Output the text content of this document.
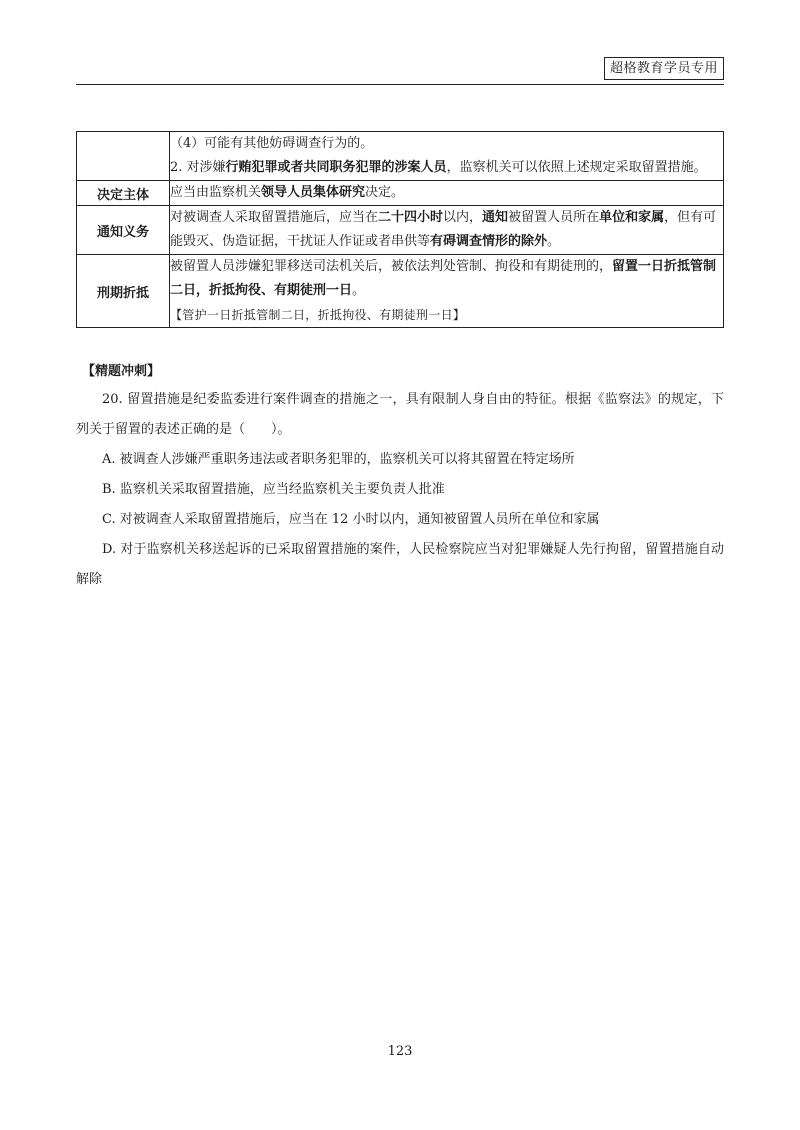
超格教育学员专用

	（4）可能有其他妨碍调查行为的。
2. 对涉嫌行贿犯罪或者共同职务犯罪的涉案人员，监察机关可以依照上述规定采取留置措施。

决定主体	应当由监察机关领导人员集体研究决定。
通知义务	对被调查人采取留置措施后，应当在二十四小时以内，通知被留置人员所在单位和家属，但有可能毁灭、伪造证据，干扰证人作证或者串供等有碍调查情形的除外。
刑期折抵	被留置人员涉嫌犯罪移送司法机关后，被依法判处管制、拘役和有期徒刑的，留置一日折抵管制二日，折抵拘役、有期徒刑一日。
【管护一日折抵管制二日，折抵拘役、有期徒刑一日】
【精题冲刺】

20. 留置措施是纪委监委进行案件调查的措施之一，具有限制人身自由的特征。根据《监察法》的规定，下列关于留置的表述正确的是（　　）。

A. 被调查人涉嫌严重职务违法或者职务犯罪的，监察机关可以将其留置在特定场所

B. 监察机关采取留置措施，应当经监察机关主要负责人批准

C. 对被调查人采取留置措施后，应当在 12 小时以内，通知被留置人员所在单位和家属

D. 对于监察机关移送起诉的已采取留置措施的案件，人民检察院应当对犯罪嫌疑人先行拘留，留置措施自动解除

123
